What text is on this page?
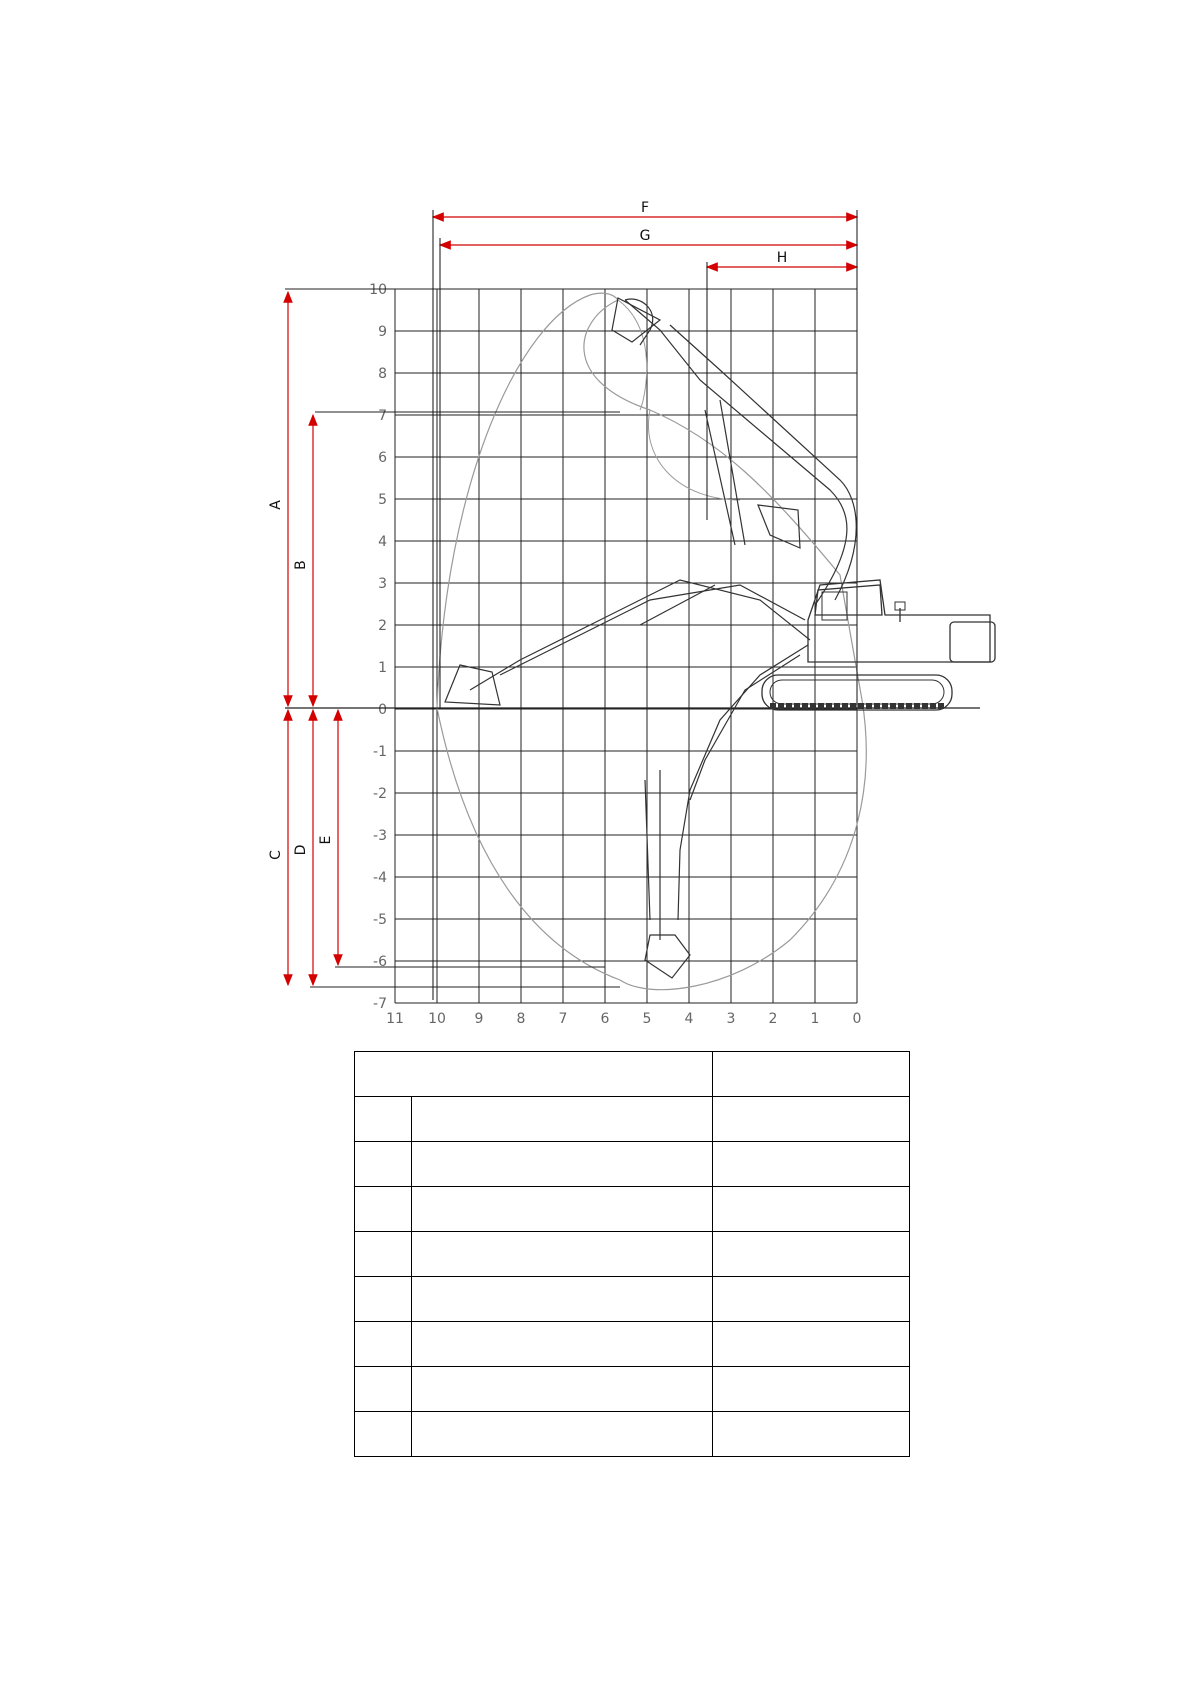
11 10 9 8 7 6 5 4 3 2 1 0
10
9
8
7
6
5
4
3
2
1
0
-1
-2
-3
-4
-5
-6
-7
A
B
C D
E
F
G
H
